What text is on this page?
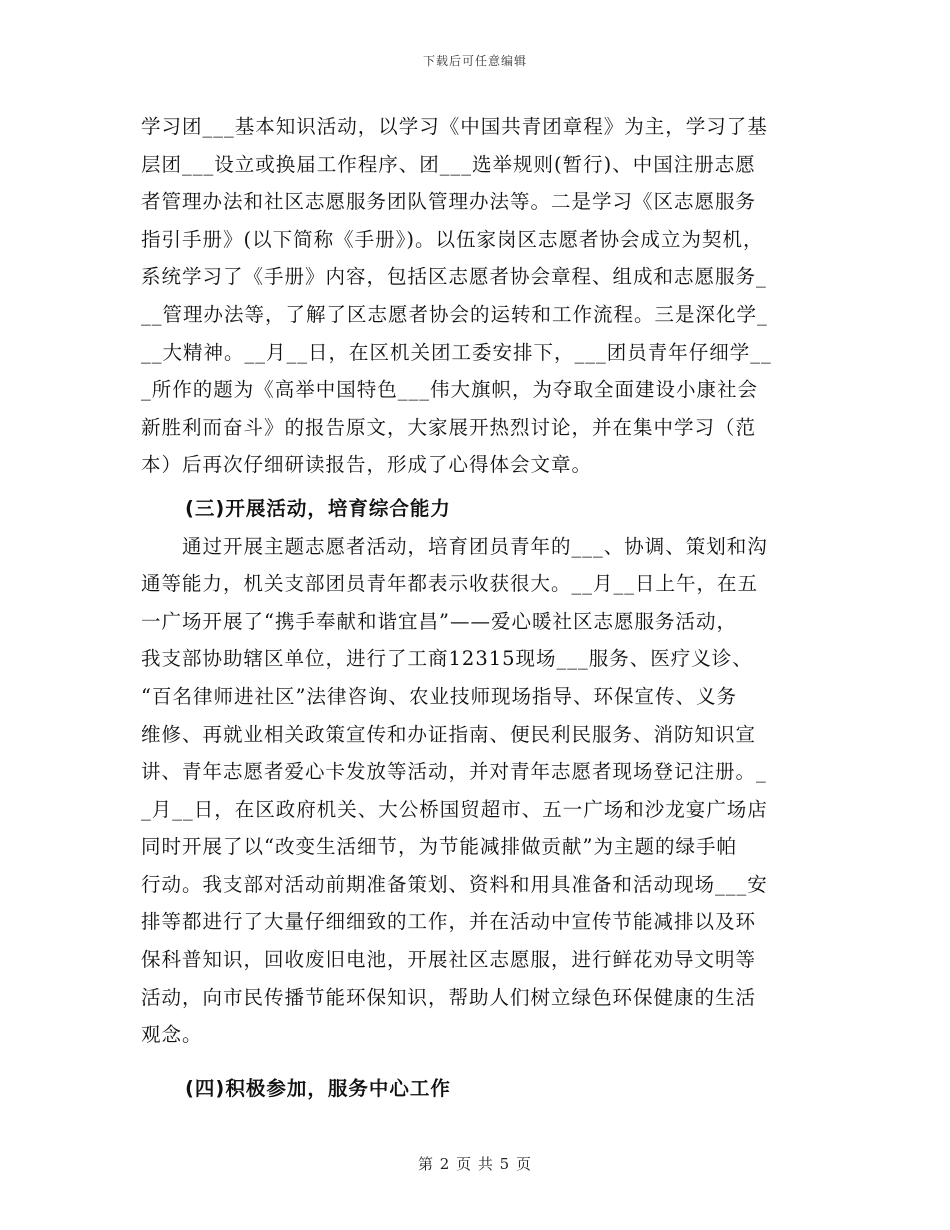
下载后可任意编辑
学习团___基本知识活动，以学习《中国共青团章程》为主，学习了基
层团___设立或换届工作程序、团___选举规则(暂行)、中国注册志愿
者管理办法和社区志愿服务团队管理办法等。二是学习《区志愿服务
指引手册》(以下简称《手册》)。以伍家岗区志愿者协会成立为契机，
系统学习了《手册》内容，包括区志愿者协会章程、组成和志愿服务_
__管理办法等，了解了区志愿者协会的运转和工作流程。三是深化学_
__大精神。__月__日，在区机关团工委安排下，___团员青年仔细学__
_所作的题为《高举中国特色___伟大旗帜，为夺取全面建设小康社会
新胜利而奋斗》的报告原文，大家展开热烈讨论，并在集中学习（范
本）后再次仔细研读报告，形成了心得体会文章。
(三)开展活动，培育综合能力
　　通过开展主题志愿者活动，培育团员青年的___、协调、策划和沟
通等能力，机关支部团员青年都表示收获很大。__月__日上午，在五
一广场开展了“携手奉献和谐宜昌”——爱心暖社区志愿服务活动，
我支部协助辖区单位，进行了工商12315现场___服务、医疗义诊、
“百名律师进社区”法律咨询、农业技师现场指导、环保宣传、义务
维修、再就业相关政策宣传和办证指南、便民利民服务、消防知识宣
讲、青年志愿者爱心卡发放等活动，并对青年志愿者现场登记注册。_
_月__日，在区政府机关、大公桥国贸超市、五一广场和沙龙宴广场店
同时开展了以“改变生活细节，为节能减排做贡献”为主题的绿手帕
行动。我支部对活动前期准备策划、资料和用具准备和活动现场___安
排等都进行了大量仔细细致的工作，并在活动中宣传节能减排以及环
保科普知识，回收废旧电池，开展社区志愿服，进行鲜花劝导文明等
活动，向市民传播节能环保知识，帮助人们树立绿色环保健康的生活
观念。
(四)积极参加，服务中心工作
第 2 页 共 5 页
